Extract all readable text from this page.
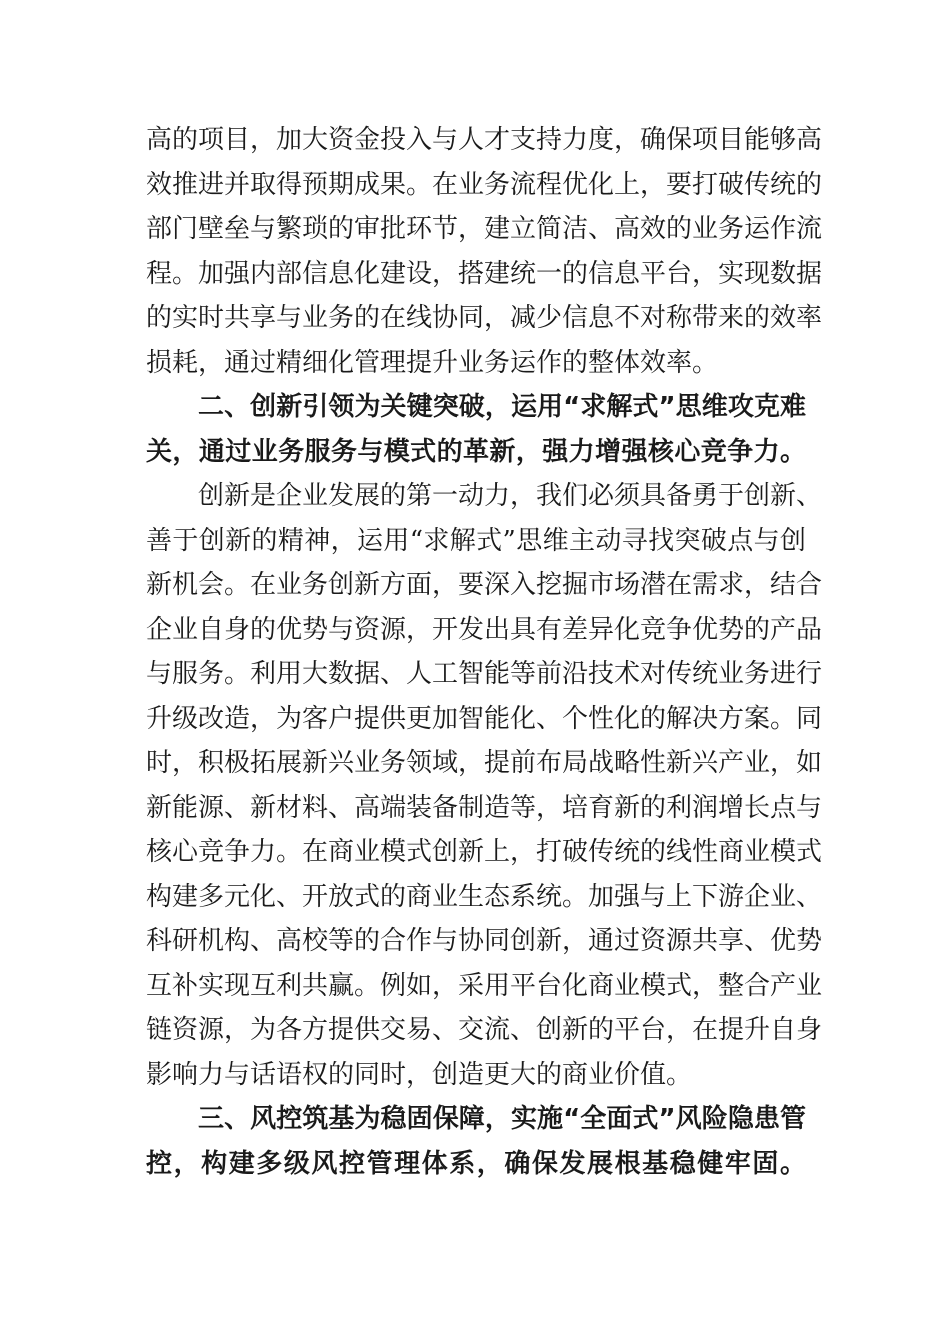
高的项目，加大资金投入与人才支持力度，确保项目能够高
效推进并取得预期成果。在业务流程优化上，要打破传统的
部门壁垒与繁琐的审批环节，建立简洁、高效的业务运作流
程。加强内部信息化建设，搭建统一的信息平台，实现数据
的实时共享与业务的在线协同，减少信息不对称带来的效率
损耗，通过精细化管理提升业务运作的整体效率。
二、创新引领为关键突破，运用“求解式”思维攻克难
关，通过业务服务与模式的革新，强力增强核心竞争力。
创新是企业发展的第一动力，我们必须具备勇于创新、
善于创新的精神，运用“求解式”思维主动寻找突破点与创
新机会。在业务创新方面，要深入挖掘市场潜在需求，结合
企业自身的优势与资源，开发出具有差异化竞争优势的产品
与服务。利用大数据、人工智能等前沿技术对传统业务进行
升级改造，为客户提供更加智能化、个性化的解决方案。同
时，积极拓展新兴业务领域，提前布局战略性新兴产业，如
新能源、新材料、高端装备制造等，培育新的利润增长点与
核心竞争力。在商业模式创新上，打破传统的线性商业模式
构建多元化、开放式的商业生态系统。加强与上下游企业、
科研机构、高校等的合作与协同创新，通过资源共享、优势
互补实现互利共赢。例如，采用平台化商业模式，整合产业
链资源，为各方提供交易、交流、创新的平台，在提升自身
影响力与话语权的同时，创造更大的商业价值。
三、风控筑基为稳固保障，实施“全面式”风险隐患管
控，构建多级风控管理体系，确保发展根基稳健牢固。
